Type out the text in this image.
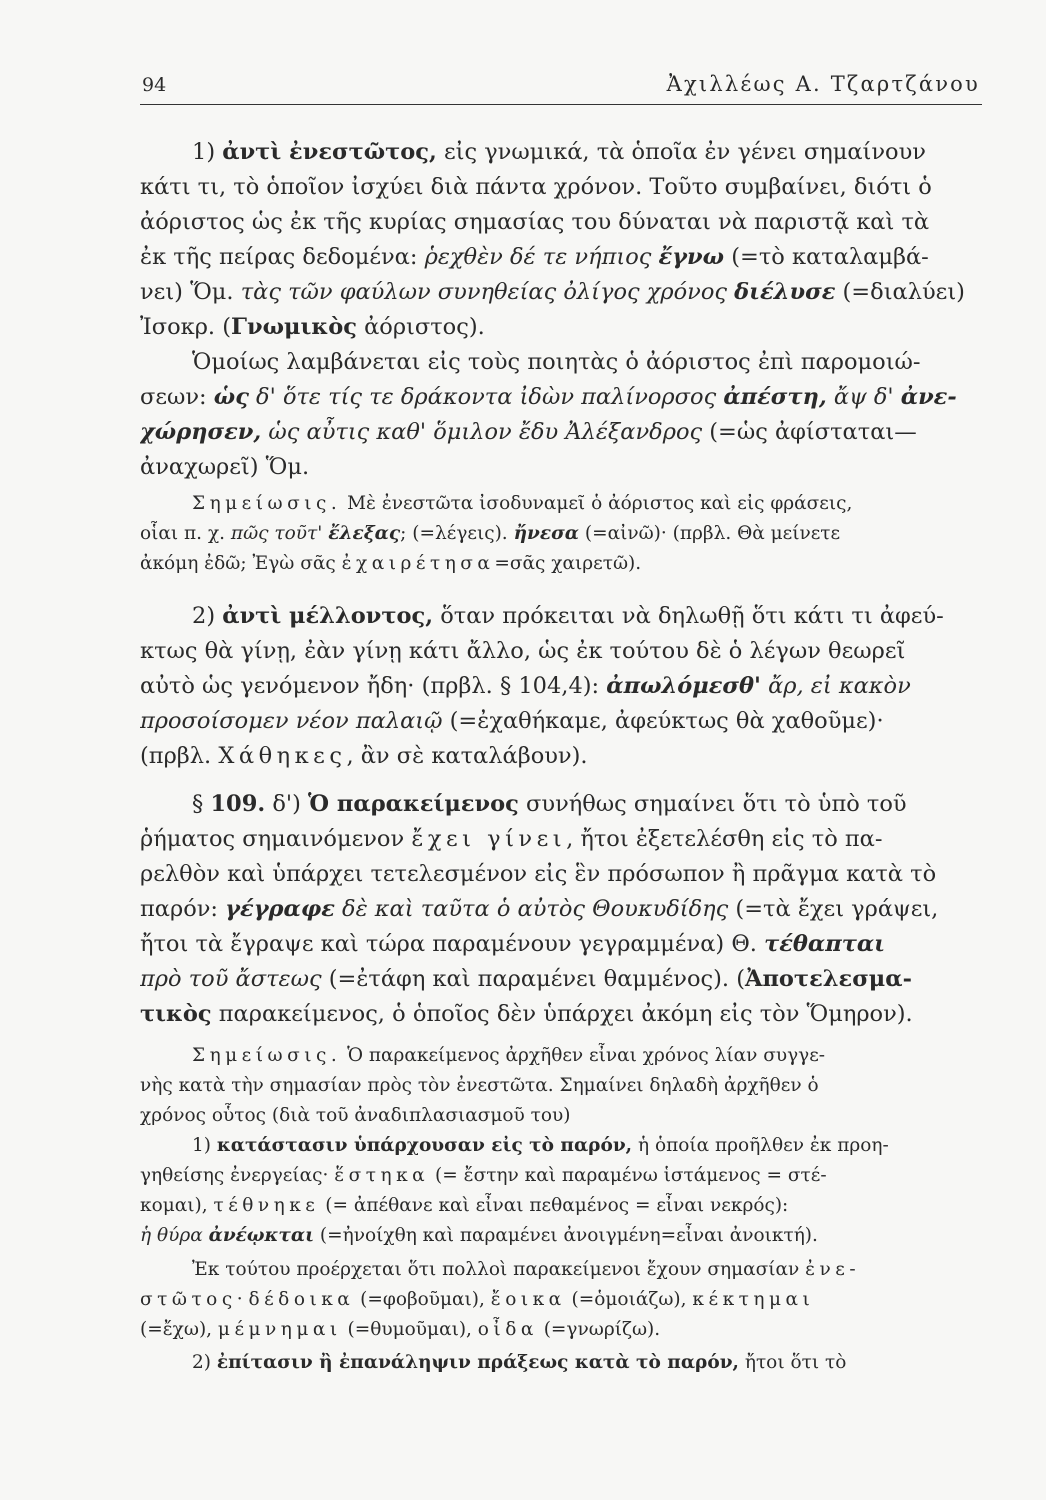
94	Ἀχιλλέως Α. Τζαρτζάνου
1) ἀντὶ ἐνεστῶτος, εἰς γνωμικά, τὰ ὁποῖα ἐν γένει σημαίνουν
κάτι τι, τὸ ὁποῖον ἰσχύει διὰ πάντα χρόνον. Τοῦτο συμβαίνει, διότι ὁ
ἀόριστος ὡς ἐκ τῆς κυρίας σημασίας του δύναται νὰ παριστᾷ καὶ τὰ
ἐκ τῆς πείρας δεδομένα: ῥεχθὲν δέ τε νήπιος ἔγνω (=τὸ καταλαμβά-
νει) Ὅμ. τὰς τῶν φαύλων συνηθείας ὀλίγος χρόνος διέλυσε (=διαλύει)
Ἰσοκρ. (Γνωμικὸς ἀόριστος).
Ὁμοίως λαμβάνεται εἰς τοὺς ποιητὰς ὁ ἀόριστος ἐπὶ παρομοιώ-
σεων: ὡς δ' ὅτε τίς τε δράκοντα ἰδὼν παλίνορσος ἀπέστη, ἄψ δ' ἀνε-
χώρησεν, ὡς αὖτις καθ' ὅμιλον ἔδυ Ἀλέξανδρος (=ὡς ἀφίσταται—
ἀναχωρεῖ) Ὅμ.
Σημείωσις. Μὲ ἐνεστῶτα ἰσοδυναμεῖ ὁ ἀόριστος καὶ εἰς φράσεις,
οἷαι π. χ. πῶς τοῦτ' ἔλεξας; (=λέγεις). ἤνεσα (=αἰνῶ)· (πρβλ. Θὰ μείνετε
ἀκόμη ἐδῶ; Ἐγὼ σᾶς ἐχαιρέτησα=σᾶς χαιρετῶ).
2) ἀντὶ μέλλοντος, ὅταν πρόκειται νὰ δηλωθῇ ὅτι κάτι τι ἀφεύ-
κτως θὰ γίνῃ, ἐὰν γίνῃ κάτι ἄλλο, ὡς ἐκ τούτου δὲ ὁ λέγων θεωρεῖ
αὐτὸ ὡς γενόμενον ἤδη· (πρβλ. § 104,4): ἀπωλόμεσθ' ἄρ, εἰ κακὸν
προσοίσομεν νέον παλαιῷ (=ἐχαθήκαμε, ἀφεύκτως θὰ χαθοῦμε)·
(πρβλ. Χάθηκες, ἂν σὲ καταλάβουν).
§ 109. δ') Ὁ παρακείμενος συνήθως σημαίνει ὅτι τὸ ὑπὸ τοῦ
ῥήματος σημαινόμενον ἔχει γίνει, ἤτοι ἐξετελέσθη εἰς τὸ πα-
ρελθὸν καὶ ὑπάρχει τετελεσμένον εἰς ἓν πρόσωπον ἢ πρᾶγμα κατὰ τὸ
παρόν: γέγραφε δὲ καὶ ταῦτα ὁ αὐτὸς Θουκυδίδης (=τὰ ἔχει γράψει,
ἤτοι τὰ ἔγραψε καὶ τώρα παραμένουν γεγραμμένα) Θ. τέθαπται
πρὸ τοῦ ἄστεως (=ἐτάφη καὶ παραμένει θαμμένος). (Ἀποτελεσμα-
τικὸς παρακείμενος, ὁ ὁποῖος δὲν ὑπάρχει ἀκόμη εἰς τὸν Ὅμηρον).
Σημείωσις. Ὁ παρακείμενος ἀρχῆθεν εἶναι χρόνος λίαν συγγε-
νὴς κατὰ τὴν σημασίαν πρὸς τὸν ἐνεστῶτα. Σημαίνει δηλαδὴ ἀρχῆθεν ὁ
χρόνος οὗτος (διὰ τοῦ ἀναδιπλασιασμοῦ του)
1) κατάστασιν ὑπάρχουσαν εἰς τὸ παρόν, ἡ ὁποία προῆλθεν ἐκ προη-
γηθείσης ἐνεργείας· ἕστηκα (= ἔστην καὶ παραμένω ἱστάμενος = στέ-
κομαι), τέθνηκε (= ἀπέθανε καὶ εἶναι πεθαμένος = εἶναι νεκρός):
ἡ θύρα ἀνέῳκται (=ἠνοίχθη καὶ παραμένει ἀνοιγμένη=εἶναι ἀνοικτή).
Ἐκ τούτου προέρχεται ὅτι πολλοὶ παρακείμενοι ἔχουν σημασίαν ἐνε-
στῶτος· δέδοικα (=φοβοῦμαι), ἔοικα (=ὁμοιάζω), κέκτημαι
(=ἔχω), μέμνημαι (=θυμοῦμαι), οἶδα (=γνωρίζω).
2) ἐπίτασιν ἢ ἐπανάληψιν πράξεως κατὰ τὸ παρόν, ἤτοι ὅτι τὸ
